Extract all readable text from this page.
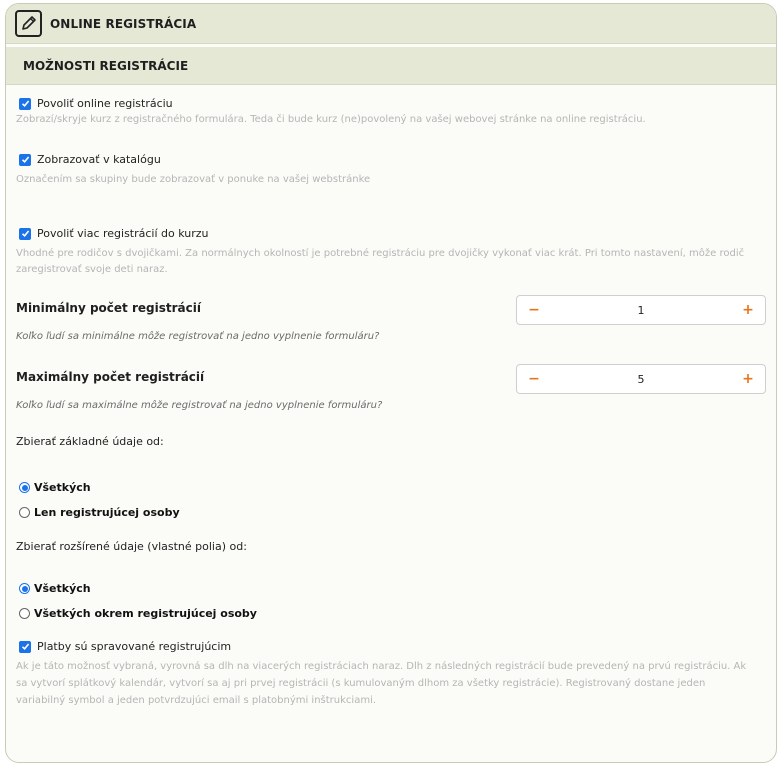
ONLINE REGISTRÁCIA
MOŽNOSTI REGISTRÁCIE
Povoliť online registráciu
Zobrazí/skryje kurz z registračného formulára. Teda či bude kurz (ne)povolený na vašej webovej stránke na online registráciu.
Zobrazovať v katalógu
Označením sa skupiny bude zobrazovať v ponuke na vašej webstránke
Povoliť viac registrácií do kurzu
Vhodné pre rodičov s dvojičkami. Za normálnych okolností je potrebné registráciu pre dvojičky vykonať viac krát. Pri tomto nastavení, môže rodič
zaregistrovať svoje deti naraz.
Minimálny počet registrácií	−	1	+
Koľko ľudí sa minimálne môže registrovať na jedno vyplnenie formuláru?
Maximálny počet registrácií	−	5	+
Koľko ľudí sa maximálne môže registrovať na jedno vyplnenie formuláru?
Zbierať základné údaje od:
Všetkých
Len registrujúcej osoby
Zbierať rozšírené údaje (vlastné polia) od:
Všetkých
Všetkých okrem registrujúcej osoby
Platby sú spravované registrujúcim
Ak je táto možnosť vybraná, vyrovná sa dlh na viacerých registráciach naraz. Dlh z následných registrácií bude prevedený na prvú registráciu. Ak
sa vytvorí splátkový kalendár, vytvorí sa aj pri prvej registrácii (s kumulovaným dlhom za všetky registrácie). Registrovaný dostane jeden
variabilný symbol a jeden potvrdzujúci email s platobnými inštrukciami.
